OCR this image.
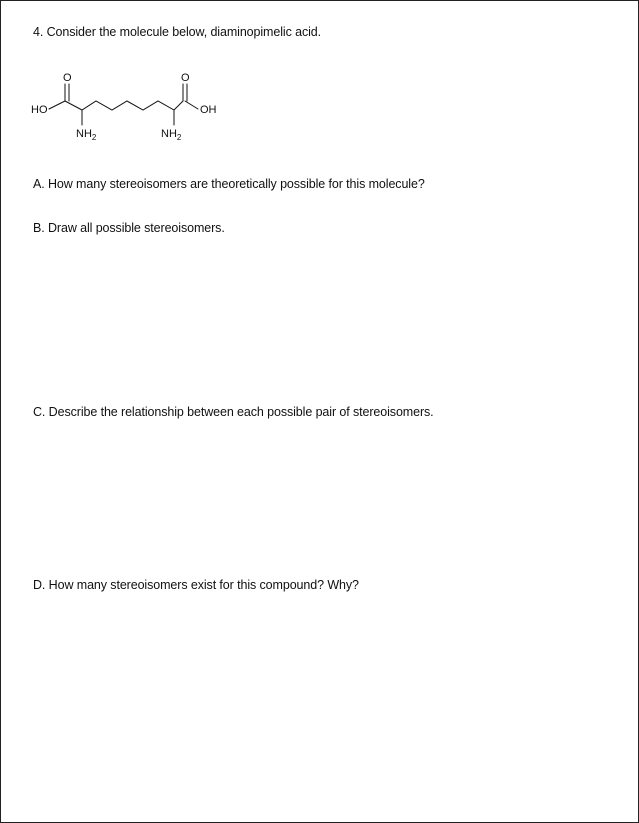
4. Consider the molecule below, diaminopimelic acid.
HO
O	O
OH
$NH_2$	$NH_2$
A. How many stereoisomers are theoretically possible for this molecule?
B. Draw all possible stereoisomers.
C. Describe the relationship between each possible pair of stereoisomers.
D. How many stereoisomers exist for this compound? Why?
